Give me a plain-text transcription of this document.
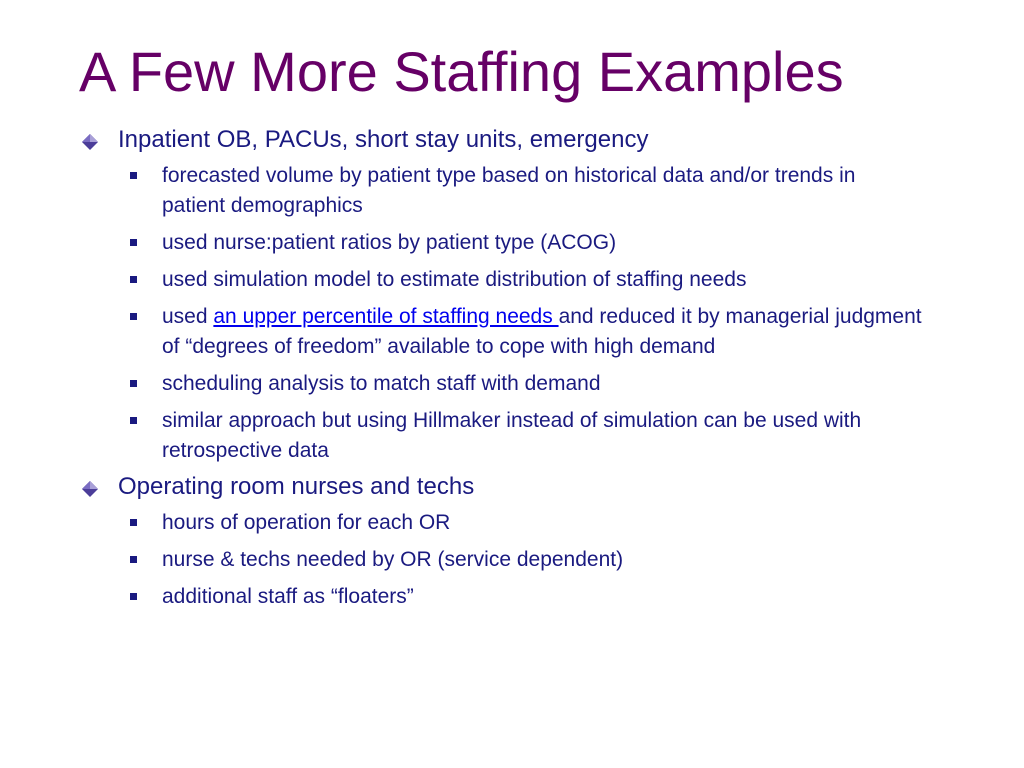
A Few More Staffing Examples
Inpatient OB, PACUs, short stay units, emergency
forecasted volume by patient type based on historical data and/or trends in patient demographics
used nurse:patient ratios by patient type (ACOG)
used simulation model to estimate distribution of staffing needs
used an upper percentile of staffing needs and reduced it by managerial judgment of “degrees of freedom” available to cope with high demand
scheduling analysis to match staff with demand
similar approach but using Hillmaker instead of simulation can be used with retrospective data
Operating room nurses and techs
hours of operation for each OR
nurse & techs needed by OR (service dependent)
additional staff as “floaters”
